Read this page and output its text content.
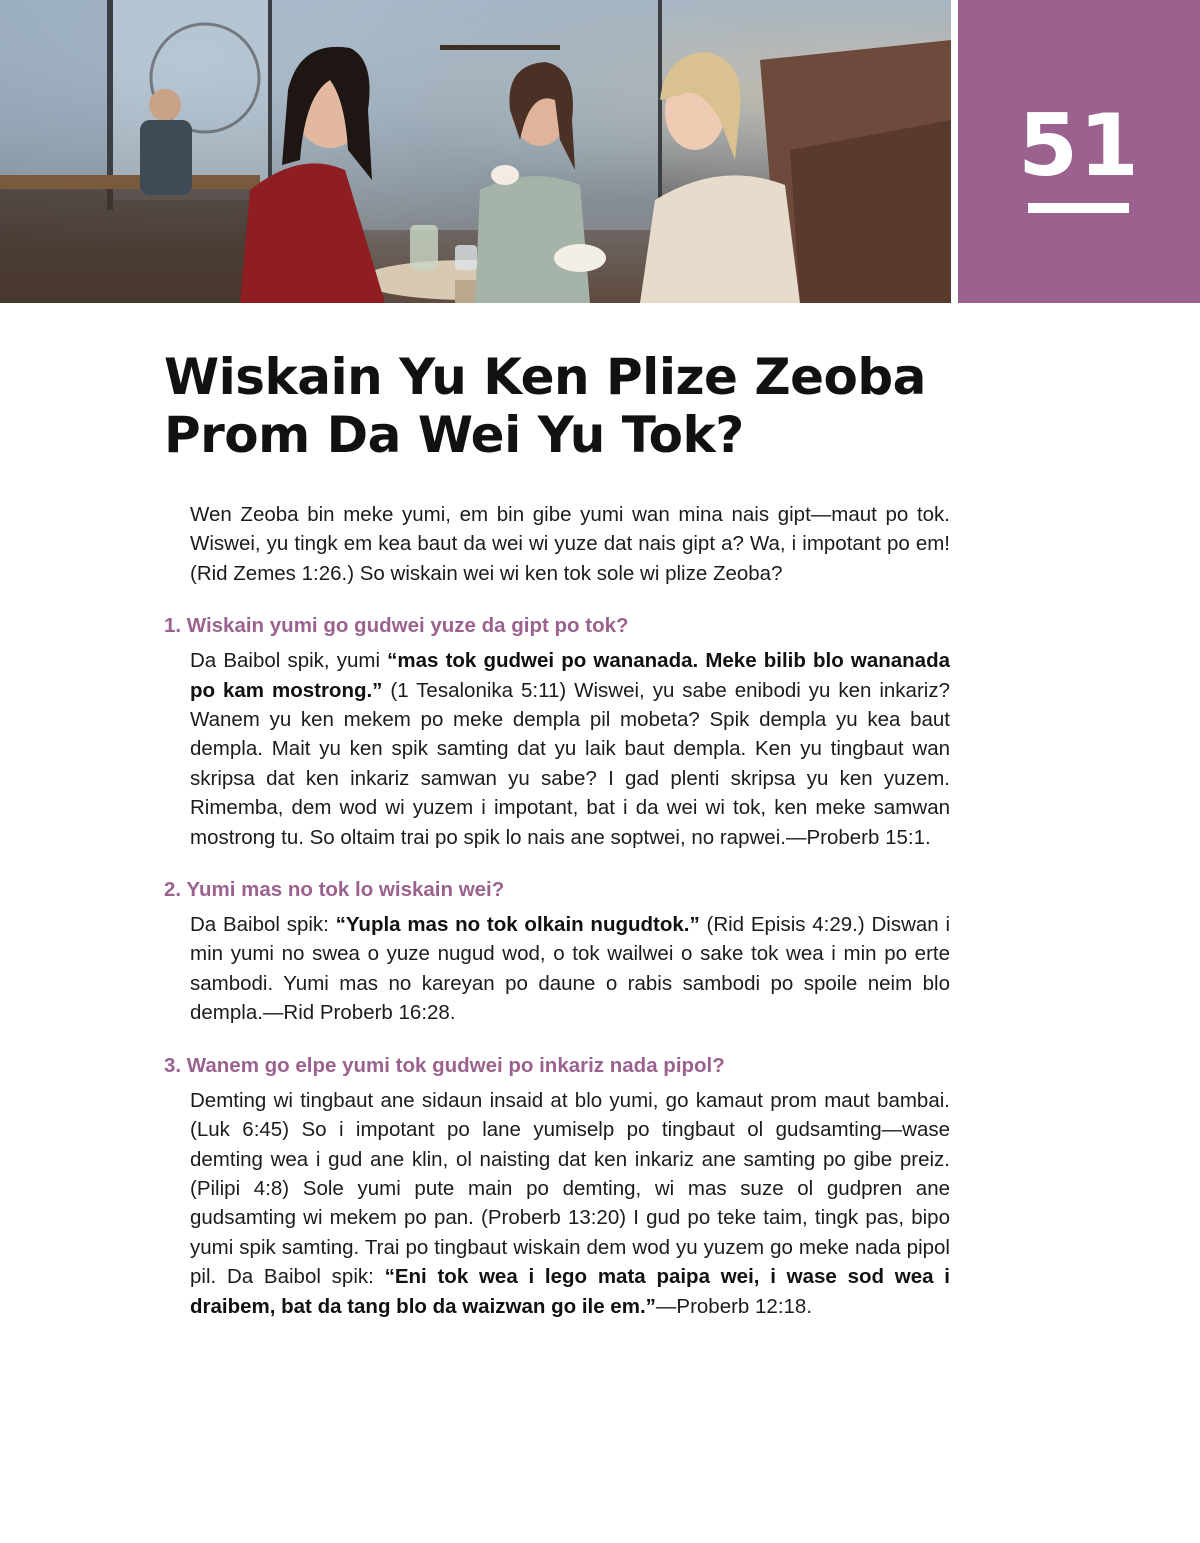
51
Wiskain Yu Ken Plize Zeoba
Prom Da Wei Yu Tok?

Wen Zeoba bin meke yumi, em bin gibe yumi wan mina nais gipt—maut po tok. Wiswei, yu tingk em kea baut da wei wi yuze dat nais gipt a? Wa, i impotant po em! (Rid Zemes 1:26.) So wiskain wei wi ken tok sole wi plize Zeoba?

1. Wiskain yumi go gudwei yuze da gipt po tok?

Da Baibol spik, yumi “mas tok gudwei po wananada. Meke bilib blo wananada po kam mostrong.” (1 Tesalonika 5:11) Wiswei, yu sabe enibodi yu ken inkariz? Wanem yu ken mekem po meke dempla pil mobeta? Spik dempla yu kea baut dempla. Mait yu ken spik samting dat yu laik baut dempla. Ken yu tingbaut wan skripsa dat ken inkariz samwan yu sabe? I gad plenti skripsa yu ken yuzem. Rimemba, dem wod wi yuzem i impotant, bat i da wei wi tok, ken meke samwan mostrong tu. So oltaim trai po spik lo nais ane soptwei, no rapwei.—Proberb 15:1.

2. Yumi mas no tok lo wiskain wei?

Da Baibol spik: “Yupla mas no tok olkain nugudtok.” (Rid Episis 4:29.) Diswan i min yumi no swea o yuze nugud wod, o tok wailwei o sake tok wea i min po erte sambodi. Yumi mas no kareyan po daune o rabis sambodi po spoile neim blo dempla.—Rid Proberb 16:28.

3. Wanem go elpe yumi tok gudwei po inkariz nada pipol?

Demting wi tingbaut ane sidaun insaid at blo yumi, go kamaut prom maut bambai. (Luk 6:45) So i impotant po lane yumiselp po tingbaut ol gudsamting—wase demting wea i gud ane klin, ol naisting dat ken inkariz ane samting po gibe preiz. (Pilipi 4:8) Sole yumi pute main po demting, wi mas suze ol gudpren ane gudsamting wi mekem po pan. (Proberb 13:20) I gud po teke taim, tingk pas, bipo yumi spik samting. Trai po tingbaut wiskain dem wod yu yuzem go meke nada pipol pil. Da Baibol spik: “Eni tok wea i lego mata paipa wei, i wase sod wea i draibem, bat da tang blo da waizwan go ile em.”—Proberb 12:18.
